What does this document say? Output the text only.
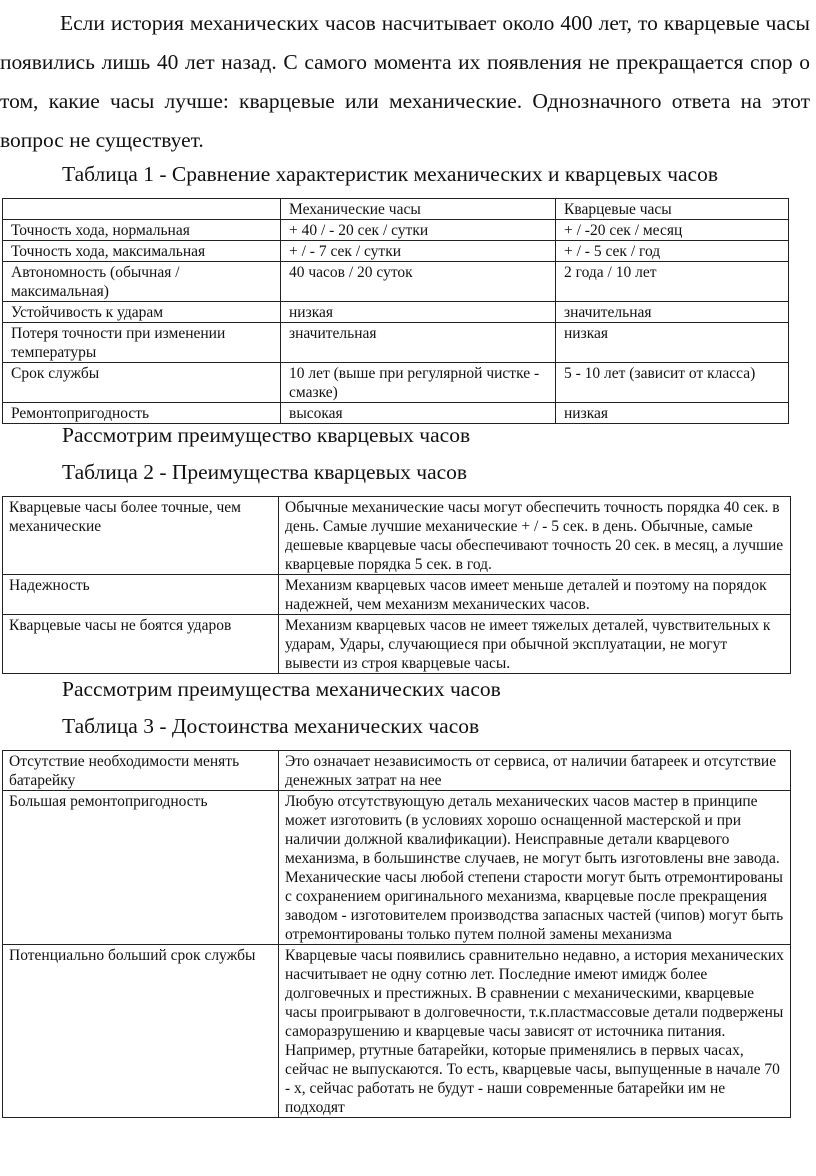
Если история механических часов насчитывает около 400 лет, то кварцевые часы появились лишь 40 лет назад. С самого момента их появления не прекращается спор о том, какие часы лучше: кварцевые или механические. Однозначного ответа на этот вопрос не существует.

Таблица 1 - Сравнение характеристик механических и кварцевых часов

	Механические часы	Кварцевые часы
Точность хода, нормальная	+ 40 / - 20 сек / сутки	+ / -20 сек / месяц
Точность хода, максимальная	+ / - 7 сек / сутки	+ / - 5 сек / год
Автономность (обычная / максимальная)	40 часов / 20 суток	2 года / 10 лет
Устойчивость к ударам	низкая	значительная
Потеря точности при изменении температуры	значительная	низкая
Срок службы	10 лет (выше при регулярной чистке - смазке)	5 - 10 лет (зависит от класса)
Ремонтопригодность	высокая	низкая

Рассмотрим преимущество кварцевых часов

Таблица 2 - Преимущества кварцевых часов

Кварцевые часы более точные, чем механические	Обычные механические часы могут обеспечить точность порядка 40 сек. в день. Самые лучшие механические + / - 5 сек. в день. Обычные, самые дешевые кварцевые часы обеспечивают точность 20 сек. в месяц, а лучшие кварцевые порядка 5 сек. в год.
Надежность	Механизм кварцевых часов имеет меньше деталей и поэтому на порядок надежней, чем механизм механических часов.
Кварцевые часы не боятся ударов	Механизм кварцевых часов не имеет тяжелых деталей, чувствительных к ударам, Удары, случающиеся при обычной эксплуатации, не могут вывести из строя кварцевые часы.

Рассмотрим преимущества механических часов

Таблица 3 - Достоинства механических часов

Отсутствие необходимости менять батарейку	Это означает независимость от сервиса, от наличии батареек и отсутствие денежных затрат на нее
Большая ремонтопригодность	Любую отсутствующую деталь механических часов мастер в принципе может изготовить (в условиях хорошо оснащенной мастерской и при наличии должной квалификации). Неисправные детали кварцевого механизма, в большинстве случаев, не могут быть изготовлены вне завода. Механические часы любой степени старости могут быть отремонтированы с сохранением оригинального механизма, кварцевые после прекращения заводом - изготовителем производства запасных частей (чипов) могут быть отремонтированы только путем полной замены механизма
Потенциально больший срок службы	Кварцевые часы появились сравнительно недавно, а история механических насчитывает не одну сотню лет. Последние имеют имидж более долговечных и престижных. В сравнении с механическими, кварцевые часы проигрывают в долговечности, т.к.пластмассовые детали подвержены саморазрушению и кварцевые часы зависят от источника питания. Например, ртутные батарейки, которые применялись в первых часах, сейчас не выпускаются. То есть, кварцевые часы, выпущенные в начале 70 - х, сейчас работать не будут - наши современные батарейки им не подходят
